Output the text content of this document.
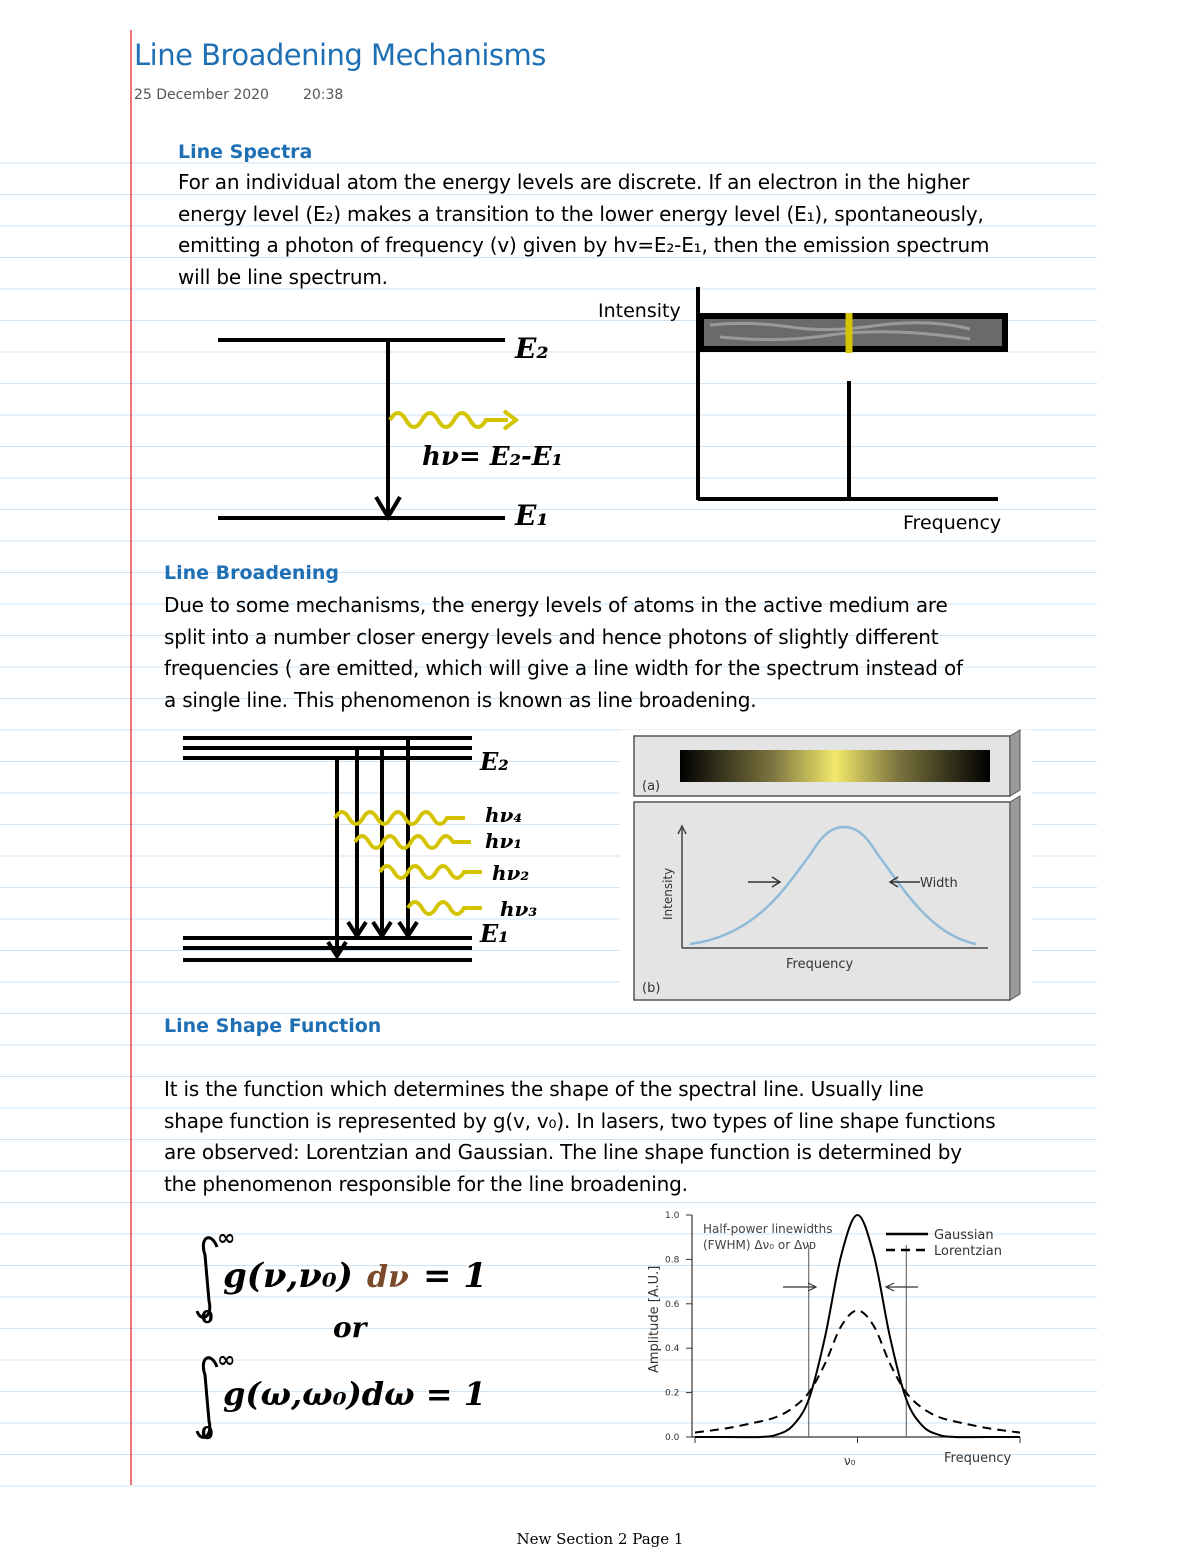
Line Broadening Mechanisms
25 December 2020 20:38
Line Spectra

For an individual atom the energy levels are discrete. If an electron in the higher

energy level (E₂) makes a transition to the lower energy level (E₁), spontaneously,

emitting a photon of frequency (v) given by hv=E₂-E₁, then the emission spectrum

will be line spectrum.

E₂
E₁
hν= E₂-E₁
Intensity
Frequency
Line Broadening

Due to some mechanisms, the energy levels of atoms in the active medium are

split into a number closer energy levels and hence photons of slightly different

frequencies ( are emitted, which will give a line width for the spectrum instead of

a single line. This phenomenon is known as line broadening.

E₂
E₁
hν₄
hν₁
hν₂
hν₃
(a)
Width
Intensity
Frequency
(b)
Line Shape Function

It is the function which determines the shape of the spectral line. Usually line

shape function is represented by g(v, v₀). In lasers, two types of line shape functions

are observed: Lorentzian and Gaussian. The line shape function is determined by

the phenomenon responsible for the line broadening.

∞
0
g(ν,ν₀) dν = 1
or
∞
0
g(ω,ω₀)dω = 1
0.0
0.2
0.4
0.6
0.8
1.0
Amplitude [A.U.]
Frequency
ν₀
Half-power linewidths
(FWHM) Δν₀ or Δνᴅ
Gaussian
Lorentzian
New Section 2 Page 1
